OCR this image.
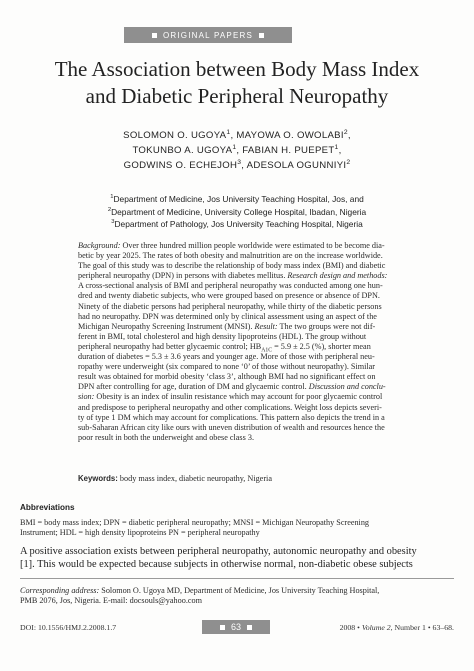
ORIGINAL PAPERS
The Association between Body Mass Index
and Diabetic Peripheral Neuropathy
SOLOMON O. UGOYA$^1$, MAYOWA O. OWOLABI$^2$,
TOKUNBO A. UGOYA$^1$, FABIAN H. PUEPET$^1$,
GODWINS O. ECHEJOH$^3$, ADESOLA OGUNNIYI$^2$
$^1$Department of Medicine, Jos University Teaching Hospital, Jos, and
$^2$Department of Medicine, University College Hospital, Ibadan, Nigeria
$^3$Department of Pathology, Jos University Teaching Hospital, Nigeria
Background: Over three hundred million people worldwide were estimated to be become dia-
betic by year 2025. The rates of both obesity and malnutrition are on the increase worldwide.
The goal of this study was to describe the relationship of body mass index (BMI) and diabetic
peripheral neuropathy (DPN) in persons with diabetes mellitus. Research design and methods:
A cross-sectional analysis of BMI and peripheral neuropathy was conducted among one hun-
dred and twenty diabetic subjects, who were grouped based on presence or absence of DPN.
Ninety of the diabetic persons had peripheral neuropathy, while thirty of the diabetic persons
had no neuropathy. DPN was determined only by clinical assessment using an aspect of the
Michigan Neuropathy Screening Instrument (MNSI). Result: The two groups were not dif-
ferent in BMI, total cholesterol and high density lipoproteins (HDL). The group without
peripheral neuropathy had better glycaemic control; $HB_{A1C} = 5.9 \pm 2.5$ (%), shorter mean
duration of diabetes = 5.3 ± 3.6 years and younger age. More of those with peripheral neu-
ropathy were underweight (six compared to none ‘0’ of those without neuropathy). Similar
result was obtained for morbid obesity ‘class 3’, although BMI had no significant effect on
DPN after controlling for age, duration of DM and glycaemic control. Discussion and conclu-
sion: Obesity is an index of insulin resistance which may account for poor glycaemic control
and predispose to peripheral neuropathy and other complications. Weight loss depicts severi-
ty of type 1 DM which may account for complications. This pattern also depicts the trend in a
sub-Saharan African city like ours with uneven distribution of wealth and resources hence the
poor result in both the underweight and obese class 3.
Keywords: body mass index, diabetic neuropathy, Nigeria
Abbreviations
BMI = body mass index; DPN = diabetic peripheral neuropathy; MNSI = Michigan Neuropathy Screening
Instrument; HDL = high density lipoproteins PN = peripheral neuropathy
A positive association exists between peripheral neuropathy, autonomic neuropathy and obesity
[1]. This would be expected because subjects in otherwise normal, non-diabetic obese subjects
Corresponding address: Solomon O. Ugoya MD, Department of Medicine, Jos University Teaching Hospital,
PMB 2076, Jos, Nigeria. E-mail: docsouls@yahoo.com
DOI: 10.1556/HMJ.2.2008.1.7	63	2008 • Volume 2, Number 1 • 63–68.
